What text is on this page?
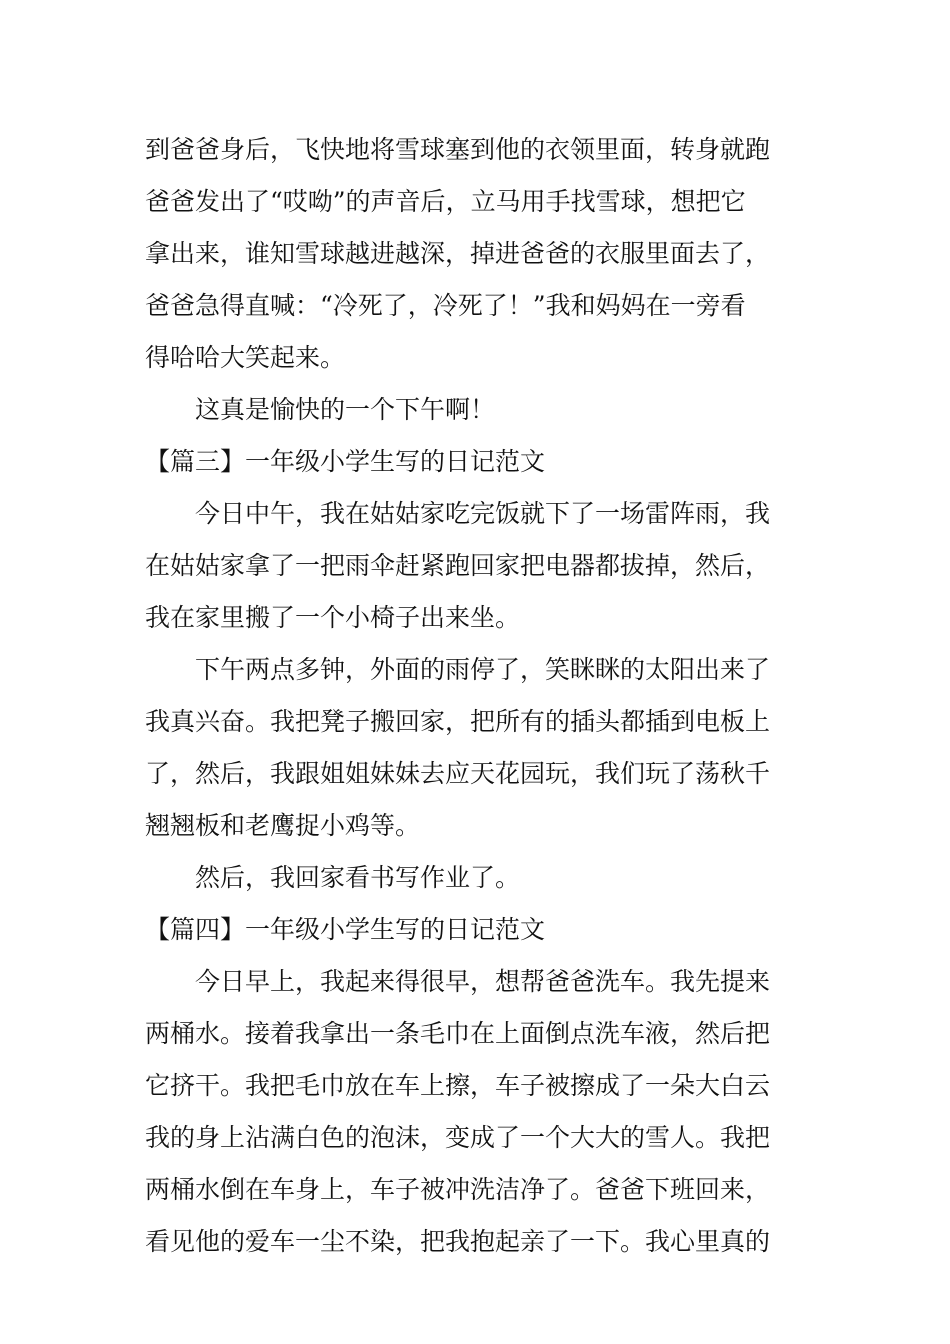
到爸爸身后，飞快地将雪球塞到他的衣领里面，转身就跑
爸爸发出了“哎呦”的声音后，立马用手找雪球，想把它
拿出来，谁知雪球越进越深，掉进爸爸的衣服里面去了，
爸爸急得直喊：“冷死了，冷死了！”我和妈妈在一旁看
得哈哈大笑起来。

这真是愉快的一个下午啊！

【篇三】一年级小学生写的日记范文

今日中午，我在姑姑家吃完饭就下了一场雷阵雨，我
在姑姑家拿了一把雨伞赶紧跑回家把电器都拔掉，然后，
我在家里搬了一个小椅子出来坐。

下午两点多钟，外面的雨停了，笑眯眯的太阳出来了
我真兴奋。我把凳子搬回家，把所有的插头都插到电板上
了，然后，我跟姐姐妹妹去应天花园玩，我们玩了荡秋千
翘翘板和老鹰捉小鸡等。

然后，我回家看书写作业了。

【篇四】一年级小学生写的日记范文

今日早上，我起来得很早，想帮爸爸洗车。我先提来
两桶水。接着我拿出一条毛巾在上面倒点洗车液，然后把
它挤干。我把毛巾放在车上擦，车子被擦成了一朵大白云
我的身上沾满白色的泡沫，变成了一个大大的雪人。我把
两桶水倒在车身上，车子被冲洗洁净了。爸爸下班回来，
看见他的爱车一尘不染，把我抱起亲了一下。我心里真的
